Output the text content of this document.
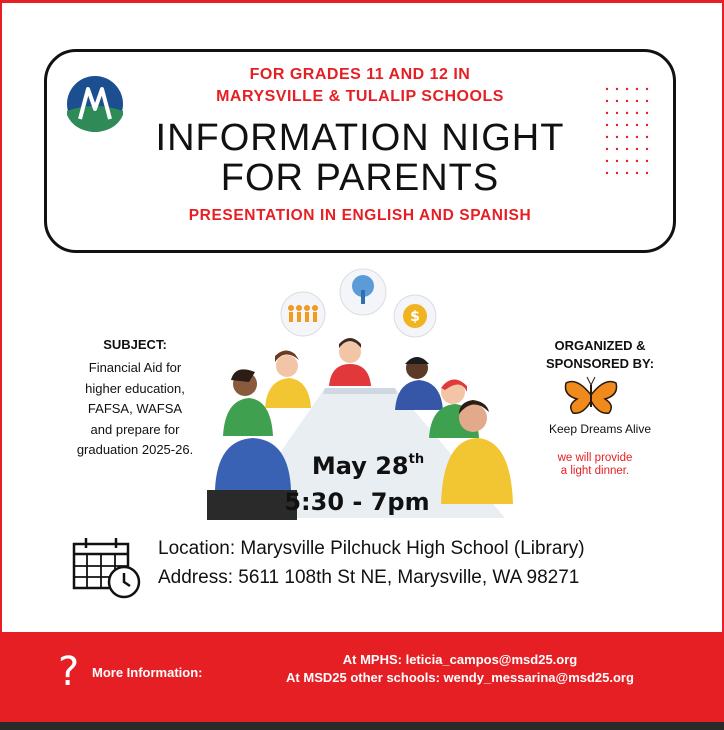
FOR GRADES 11 AND 12 IN
MARYSVILLE & TULALIP SCHOOLS
INFORMATION NIGHT
FOR PARENTS
PRESENTATION IN ENGLISH AND SPANISH
SUBJECT:
Financial Aid for
higher education,
FAFSA, WAFSA
and prepare for
graduation 2025-26.
$
May 28th
5:30 - 7pm
ORGANIZED &
SPONSORED BY:
Keep Dreams Alive
we will provide
a light dinner.
Location: Marysville Pilchuck High School (Library)
Address: 5611 108th St NE, Marysville, WA 98271
? More Information:
At MPHS: leticia_campos@msd25.org
At MSD25 other schools: wendy_messarina@msd25.org
